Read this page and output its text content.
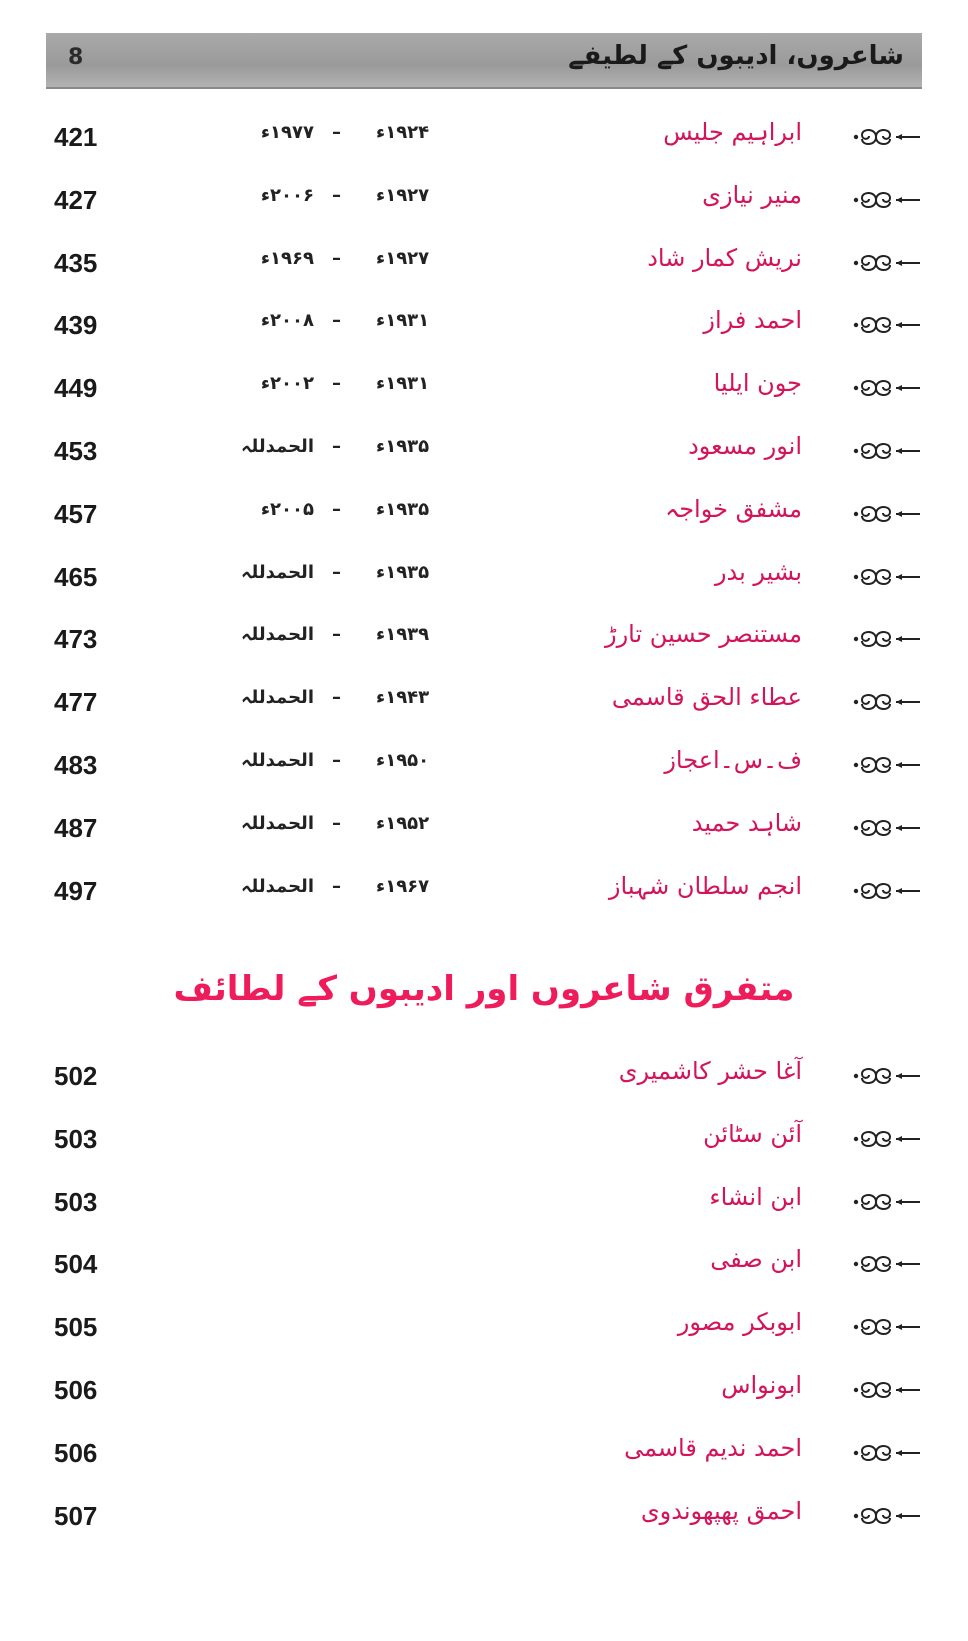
8	شاعروں، ادیبوں کے لطیفے
ابراہیم جلیس
۱۹۲۴ء
–
۱۹۷۷ء
421
منیر نیازی
۱۹۲۷ء
–
۲۰۰۶ء
427
نریش کمار شاد
۱۹۲۷ء
–
۱۹۶۹ء
435
احمد فراز
۱۹۳۱ء
–
۲۰۰۸ء
439
جون ایلیا
۱۹۳۱ء
–
۲۰۰۲ء
449
انور مسعود
۱۹۳۵ء
–
الحمدللہ
453
مشفق خواجہ
۱۹۳۵ء
–
۲۰۰۵ء
457
بشیر بدر
۱۹۳۵ء
–
الحمدللہ
465
مستنصر حسین تارڑ
۱۹۳۹ء
–
الحمدللہ
473
عطاء الحق قاسمی
۱۹۴۳ء
–
الحمدللہ
477
ف۔س۔اعجاز
۱۹۵۰ء
–
الحمدللہ
483
شاہد حمید
۱۹۵۲ء
–
الحمدللہ
487
انجم سلطان شہباز
۱۹۶۷ء
–
الحمدللہ
497
آغا حشر کاشمیری
502
آئن سٹائن
503
ابن انشاء
503
ابن صفی
504
ابوبکر مصور
505
ابونواس
506
احمد ندیم قاسمی
506
احمق پھپھوندوی
507
متفرق شاعروں اور ادیبوں کے لطائف
